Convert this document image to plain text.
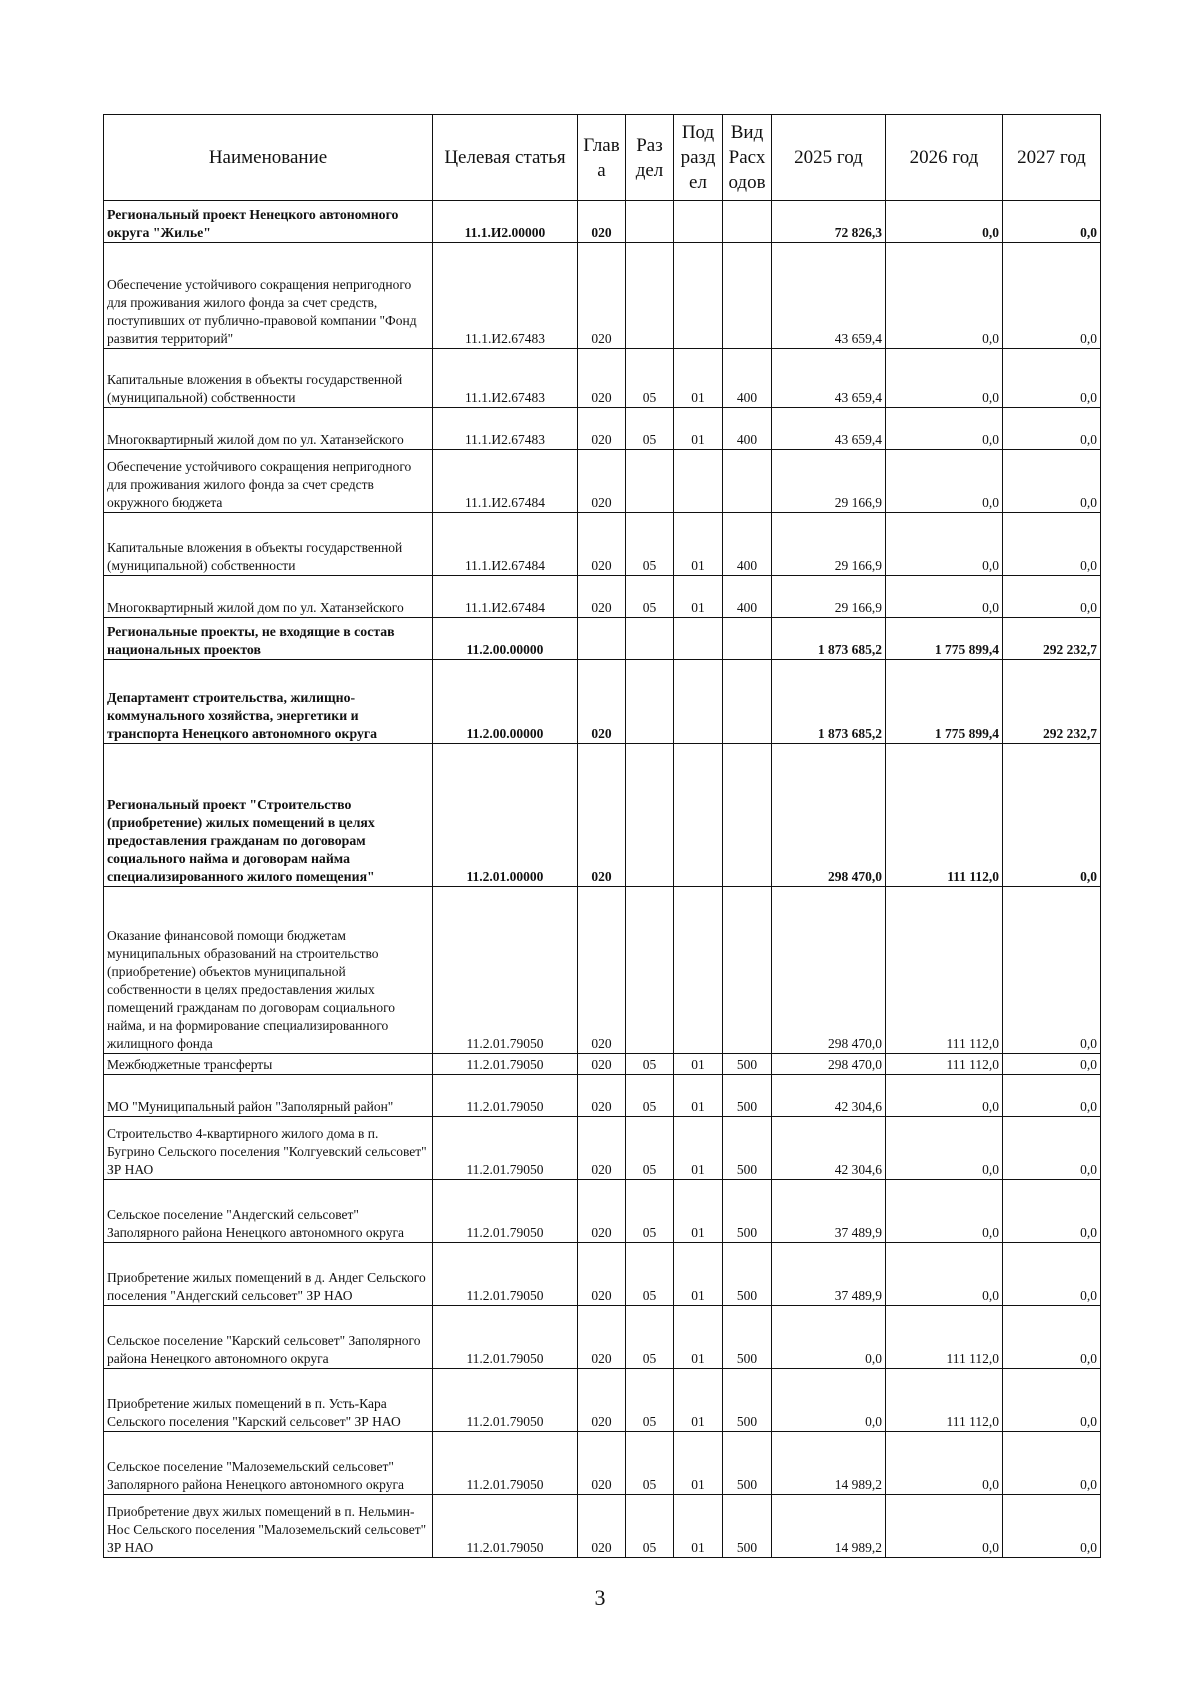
Наименование	Целевая статья	Глав а	Раз дел	Под разд ел	Вид Расх одов	2025 год	2026 год	2027 год
Региональный проект Ненецкого автономного округа "Жилье"	11.1.И2.00000	020				72 826,3	0,0	0,0
Обеспечение устойчивого сокращения непригодного для проживания жилого фонда за счет средств, поступивших от публично-правовой компании "Фонд развития территорий"	11.1.И2.67483	020				43 659,4	0,0	0,0
Капитальные вложения в объекты государственной (муниципальной) собственности	11.1.И2.67483	020	05	01	400	43 659,4	0,0	0,0
Многоквартирный жилой дом по ул. Хатанзейского	11.1.И2.67483	020	05	01	400	43 659,4	0,0	0,0
Обеспечение устойчивого сокращения непригодного для проживания жилого фонда за счет средств окружного бюджета	11.1.И2.67484	020				29 166,9	0,0	0,0
Капитальные вложения в объекты государственной (муниципальной) собственности	11.1.И2.67484	020	05	01	400	29 166,9	0,0	0,0
Многоквартирный жилой дом по ул. Хатанзейского	11.1.И2.67484	020	05	01	400	29 166,9	0,0	0,0
Региональные проекты, не входящие в состав национальных проектов	11.2.00.00000					1 873 685,2	1 775 899,4	292 232,7
Департамент строительства, жилищно-коммунального хозяйства, энергетики и транспорта Ненецкого автономного округа	11.2.00.00000	020				1 873 685,2	1 775 899,4	292 232,7
Региональный проект "Строительство (приобретение) жилых помещений в целях предоставления гражданам по договорам социального найма и договорам найма специализированного жилого помещения"	11.2.01.00000	020				298 470,0	111 112,0	0,0
Оказание финансовой помощи бюджетам муниципальных образований на строительство (приобретение) объектов муниципальной собственности в целях предоставления жилых помещений гражданам по договорам социального найма, и на формирование специализированного жилищного фонда	11.2.01.79050	020				298 470,0	111 112,0	0,0
Межбюджетные трансферты	11.2.01.79050	020	05	01	500	298 470,0	111 112,0	0,0
МО "Муниципальный район "Заполярный район"	11.2.01.79050	020	05	01	500	42 304,6	0,0	0,0
Строительство 4-квартирного жилого дома в п. Бугрино Сельского поселения "Колгуевский сельсовет" ЗР НАО	11.2.01.79050	020	05	01	500	42 304,6	0,0	0,0
Сельское поселение "Андегский сельсовет" Заполярного района Ненецкого автономного округа	11.2.01.79050	020	05	01	500	37 489,9	0,0	0,0
Приобретение жилых помещений в д. Андег Сельского поселения "Андегский сельсовет" ЗР НАО	11.2.01.79050	020	05	01	500	37 489,9	0,0	0,0
Сельское поселение "Карский сельсовет" Заполярного района Ненецкого автономного округа	11.2.01.79050	020	05	01	500	0,0	111 112,0	0,0
Приобретение жилых помещений в п. Усть-Кара Сельского поселения "Карский сельсовет" ЗР НАО	11.2.01.79050	020	05	01	500	0,0	111 112,0	0,0
Сельское поселение "Малоземельский сельсовет" Заполярного района Ненецкого автономного округа	11.2.01.79050	020	05	01	500	14 989,2	0,0	0,0
Приобретение двух жилых помещений в п. Нельмин-Нос Сельского поселения "Малоземельский сельсовет" ЗР НАО	11.2.01.79050	020	05	01	500	14 989,2	0,0	0,0
3
